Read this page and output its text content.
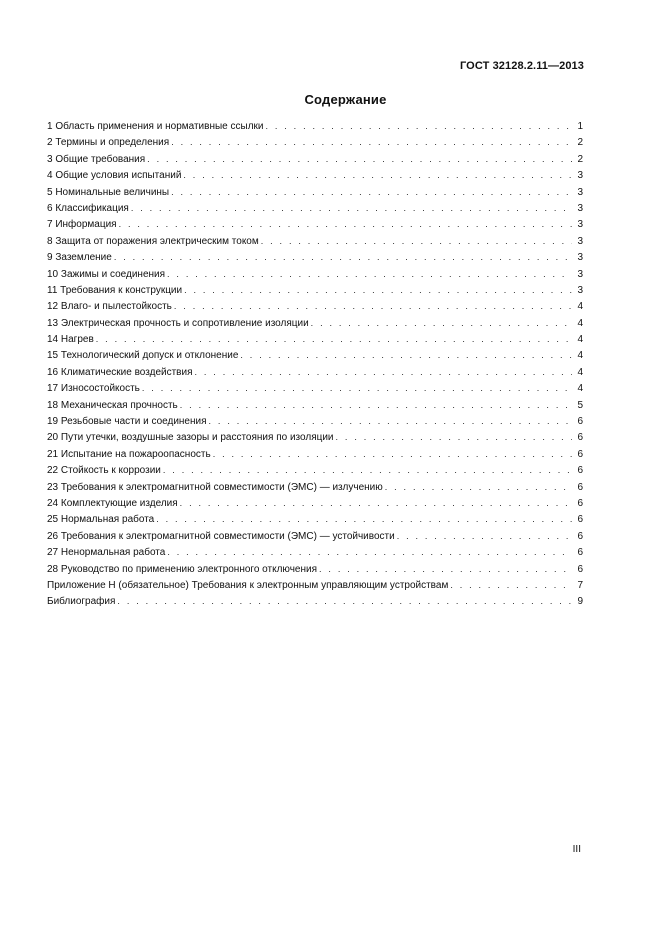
ГОСТ 32128.2.11—2013
Содержание
1 Область применения и нормативные ссылки . . .	1
2 Термины и определения . . .	2
3 Общие требования . . .	2
4 Общие условия испытаний . . .	3
5 Номинальные величины . . .	3
6 Классификация . . .	3
7 Информация . . .	3
8 Защита от поражения электрическим током . . .	3
9 Заземление . . .	3
10 Зажимы и соединения . . .	3
11 Требования к конструкции . . .	3
12 Влаго- и пылестойкость . . .	4
13 Электрическая прочность и сопротивление изоляции . . .	4
14 Нагрев . . .	4
15 Технологический допуск и отклонение . . .	4
16 Климатические воздействия . . .	4
17 Износостойкость . . .	4
18 Механическая прочность . . .	5
19 Резьбовые части и соединения . . .	6
20 Пути утечки, воздушные зазоры и расстояния по изоляции . . .	6
21 Испытание на пожароопасность . . .	6
22 Стойкость к коррозии . . .	6
23 Требования к электромагнитной совместимости (ЭМС) — излучению . . .	6
24 Комплектующие изделия . . .	6
25 Нормальная работа . . .	6
26 Требования к электромагнитной совместимости (ЭМС) — устойчивости . . .	6
27 Ненормальная работа . . .	6
28 Руководство по применению электронного отключения . . .	6
Приложение Н (обязательное) Требования к электронным управляющим устройствам . . .	7
Библиография . . .	9
III
